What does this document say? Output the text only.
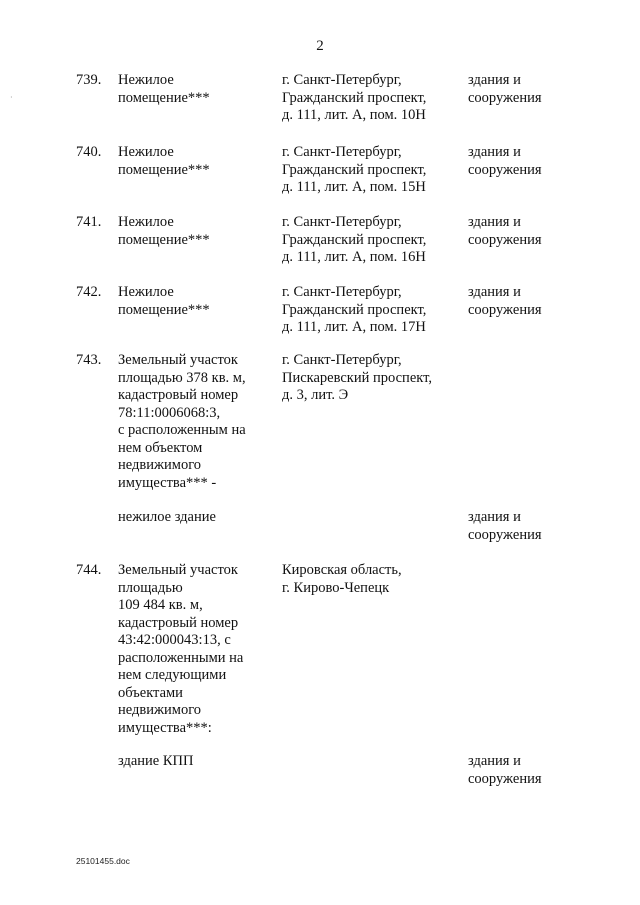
2
·
739. Нежилое
помещение***
г. Санкт-Петербург,
Гражданский проспект,
д. 111, лит. А, пом. 10Н
здания и
сооружения
740. Нежилое
помещение***
г. Санкт-Петербург,
Гражданский проспект,
д. 111, лит. А, пом. 15Н
здания и
сооружения
741. Нежилое
помещение***
г. Санкт-Петербург,
Гражданский проспект,
д. 111, лит. А, пом. 16Н
здания и
сооружения
742. Нежилое
помещение***
г. Санкт-Петербург,
Гражданский проспект,
д. 111, лит. А, пом. 17Н
здания и
сооружения
743. Земельный участок
площадью 378 кв. м,
кадастровый номер
78:11:0006068:3,
с расположенным на
нем объектом
недвижимого
имущества*** -
г. Санкт-Петербург,
Пискаревский проспект,
д. 3, лит. Э
нежилое здание	здания и
сооружения
744. Земельный участок
площадью
109 484 кв. м,
кадастровый номер
43:42:000043:13, с
расположенными на
нем следующими
объектами
недвижимого
имущества***:
Кировская область,
г. Кирово-Чепецк
здание КПП	здания и
сооружения
25101455.doc
